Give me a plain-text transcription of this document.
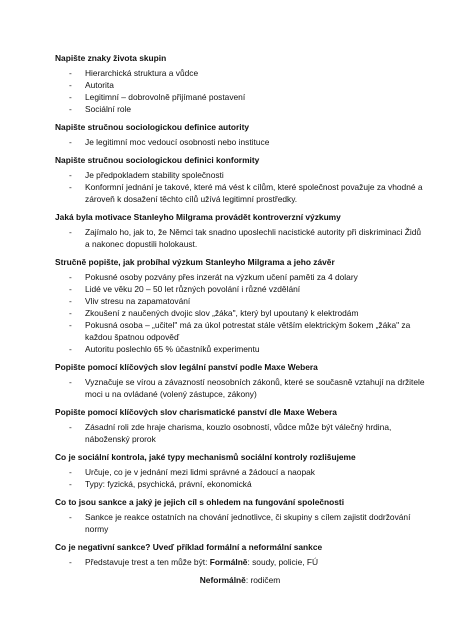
Napište znaky života skupin
- Hierarchická struktura a vůdce
- Autorita
- Legitimní – dobrovolně přijímané postavení
- Sociální role
Napište stručnou sociologickou definice autority
- Je legitimní moc vedoucí osobnosti nebo instituce
Napište stručnou sociologickou definici konformity
- Je předpokladem stability společnosti
- Konformní jednání je takové, které má vést k cílům, které společnost považuje za vhodné a zároveň k dosažení těchto cílů užívá legitimní prostředky.
Jaká byla motivace Stanleyho Milgrama provádět kontroverzní výzkumy
- Zajímalo ho, jak to, že Němci tak snadno uposlechli nacistické autority při diskriminaci Židů a nakonec dopustili holokaust.
Stručně popište, jak probíhal výzkum Stanleyho Milgrama a jeho závěr
- Pokusné osoby pozvány přes inzerát na výzkum učení paměti za 4 dolary
- Lidé ve věku 20 – 50 let různých povolání i různé vzdělání
- Vliv stresu na zapamatování
- Zkoušení z naučených dvojic slov „žáka", který byl upoutaný k elektrodám
- Pokusná osoba – „učitel" má za úkol potrestat stále větším elektrickým šokem „žáka" za každou špatnou odpověď
- Autoritu poslechlo 65 % účastníků experimentu
Popište pomocí klíčových slov legální panství podle Maxe Webera
- Vyznačuje se vírou a závazností neosobních zákonů, které se současně vztahují na držitele moci u na ovládané (volený zástupce, zákony)
Popište pomocí klíčových slov charismatické panství dle Maxe Webera
- Zásadní roli zde hraje charisma, kouzlo osobností, vůdce může být válečný hrdina, náboženský prorok
Co je sociální kontrola, jaké typy mechanismů sociální kontroly rozlišujeme
- Určuje, co je v jednání mezi lidmi správné a žádoucí a naopak
- Typy: fyzická, psychická, právní, ekonomická
Co to jsou sankce a jaký je jejich cíl s ohledem na fungování společnosti
- Sankce je reakce ostatních na chování jednotlivce, či skupiny s cílem zajistit dodržování normy
Co je negativní sankce? Uveď příklad formální a neformální sankce
- Představuje trest a ten může být: Formálně: soudy, policie, FÚ
Neformálně: rodičem
